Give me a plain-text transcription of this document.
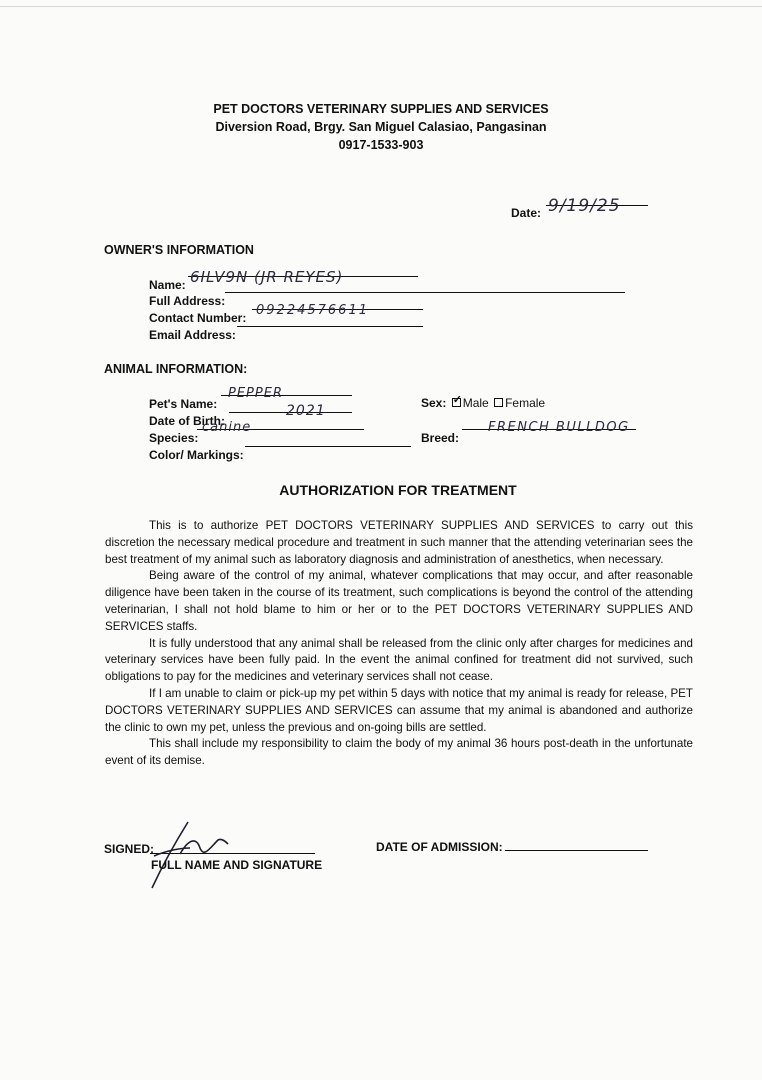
PET DOCTORS VETERINARY SUPPLIES AND SERVICES
Diversion Road, Brgy. San Miguel Calasiao, Pangasinan
0917-1533-903
Date: 9/19/25
OWNER'S INFORMATION
Name: 6ILV9N (JR REYES)
Full Address:
Contact Number: 09224576611
Email Address:
ANIMAL INFORMATION:
Pet's Name:
PEPPER
Date of Birth:
2021
Species:
canine
Color/ Markings:
Sex: ✓ Male Female
Breed:
FRENCH BULLDOG
AUTHORIZATION FOR TREATMENT

This is to authorize PET DOCTORS VETERINARY SUPPLIES AND SERVICES to carry out this discretion the necessary medical procedure and treatment in such manner that the attending veterinarian sees the best treatment of my animal such as laboratory diagnosis and administration of anesthetics, when necessary.

Being aware of the control of my animal, whatever complications that may occur, and after reasonable diligence have been taken in the course of its treatment, such complications is beyond the control of the attending veterinarian, I shall not hold blame to him or her or to the PET DOCTORS VETERINARY SUPPLIES AND SERVICES staffs.

It is fully understood that any animal shall be released from the clinic only after charges for medicines and veterinary services have been fully paid. In the event the animal confined for treatment did not survived, such obligations to pay for the medicines and veterinary services shall not cease.

If I am unable to claim or pick-up my pet within 5 days with notice that my animal is ready for release, PET DOCTORS VETERINARY SUPPLIES AND SERVICES can assume that my animal is abandoned and authorize the clinic to own my pet, unless the previous and on-going bills are settled.

This shall include my responsibility to claim the body of my animal 36 hours post-death in the unfortunate event of its demise.

SIGNED:
FULL NAME AND SIGNATURE
DATE OF ADMISSION:
